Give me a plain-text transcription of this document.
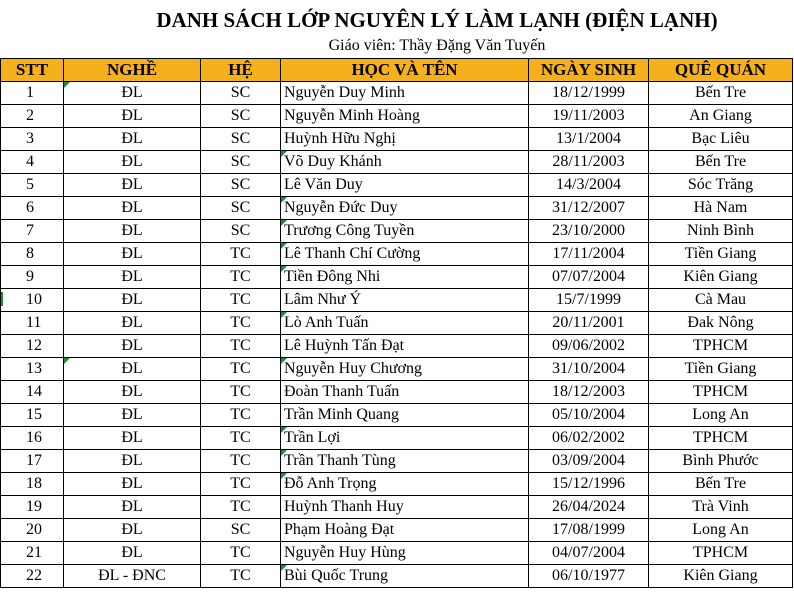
DANH SÁCH LỚP NGUYÊN LÝ LÀM LẠNH (ĐIỆN LẠNH)
Giáo viên: Thầy Đặng Văn Tuyến
STT	NGHỀ	HỆ	HỌC VÀ TÊN	NGÀY SINH	QUÊ QUÁN
1	ĐL	SC	Nguyễn Duy Minh	18/12/1999	Bến Tre
2	ĐL	SC	Nguyễn Minh Hoàng	19/11/2003	An Giang
3	ĐL	SC	Huỳnh Hữu Nghị	13/1/2004	Bạc Liêu
4	ĐL	SC	Võ Duy Khánh	28/11/2003	Bến Tre
5	ĐL	SC	Lê Văn Duy	14/3/2004	Sóc Trăng
6	ĐL	SC	Nguyễn Đức Duy	31/12/2007	Hà Nam
7	ĐL	SC	Trương Công Tuyền	23/10/2000	Ninh Bình
8	ĐL	TC	Lê Thanh Chí Cường	17/11/2004	Tiền Giang
9	ĐL	TC	Tiền Đông Nhi	07/07/2004	Kiên Giang
10	ĐL	TC	Lâm Như Ý	15/7/1999	Cà Mau
11	ĐL	TC	Lò Anh Tuấn	20/11/2001	Đak Nông
12	ĐL	TC	Lê Huỳnh Tấn Đạt	09/06/2002	TPHCM
13	ĐL	TC	Nguyễn Huy Chương	31/10/2004	Tiền Giang
14	ĐL	TC	Đoàn Thanh Tuấn	18/12/2003	TPHCM
15	ĐL	TC	Trần Minh Quang	05/10/2004	Long An
16	ĐL	TC	Trần Lợi	06/02/2002	TPHCM
17	ĐL	TC	Trần Thanh Tùng	03/09/2004	Bình Phước
18	ĐL	TC	Đỗ Anh Trọng	15/12/1996	Bến Tre
19	ĐL	TC	Huỳnh Thanh Huy	26/04/2024	Trà Vinh
20	ĐL	SC	Phạm Hoàng Đạt	17/08/1999	Long An
21	ĐL	TC	Nguyễn Huy Hùng	04/07/2004	TPHCM
22	ĐL - ĐNC	TC	Bùi Quốc Trung	06/10/1977	Kiên Giang
